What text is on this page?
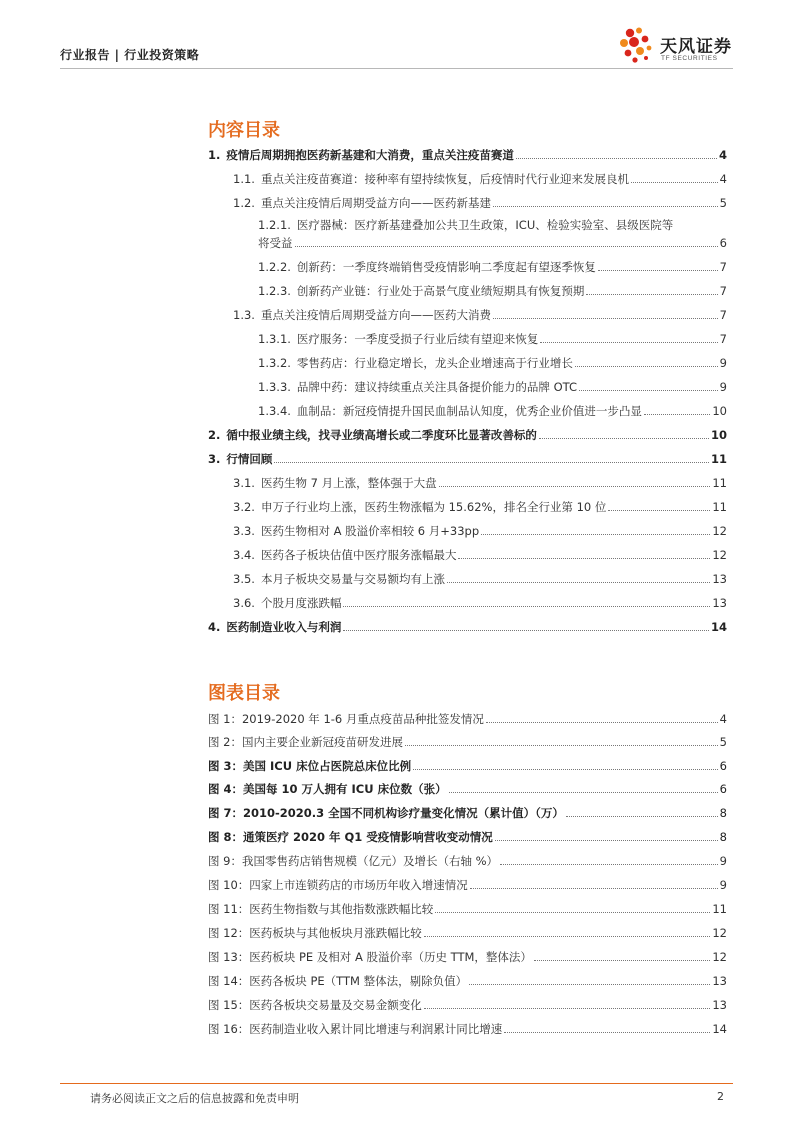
行业报告 | 行业投资策略	天风证券
TF SECURITIES
内容目录
1. 疫情后周期拥抱医药新基建和大消费，重点关注疫苗赛道	4
1.1. 重点关注疫苗赛道：接种率有望持续恢复，后疫情时代行业迎来发展良机	4
1.2. 重点关注疫情后周期受益方向——医药新基建	5
1.2.1. 医疗器械：医疗新基建叠加公共卫生政策，ICU、检验实验室、县级医院等
将受益	6
1.2.2. 创新药：一季度终端销售受疫情影响二季度起有望逐季恢复	7
1.2.3. 创新药产业链：行业处于高景气度业绩短期具有恢复预期	7
1.3. 重点关注疫情后周期受益方向——医药大消费	7
1.3.1. 医疗服务：一季度受损子行业后续有望迎来恢复	7
1.3.2. 零售药店：行业稳定增长，龙头企业增速高于行业增长	9
1.3.3. 品牌中药：建议持续重点关注具备提价能力的品牌 OTC	9
1.3.4. 血制品：新冠疫情提升国民血制品认知度，优秀企业价值进一步凸显	10
2. 循中报业绩主线，找寻业绩高增长或二季度环比显著改善标的	10
3. 行情回顾	11
3.1. 医药生物 7 月上涨，整体强于大盘	11
3.2. 申万子行业均上涨，医药生物涨幅为 15.62%，排名全行业第 10 位	11
3.3. 医药生物相对 A 股溢价率相较 6 月+33pp	12
3.4. 医药各子板块估值中医疗服务涨幅最大	12
3.5. 本月子板块交易量与交易额均有上涨	13
3.6. 个股月度涨跌幅	13
4. 医药制造业收入与利润	14
图表目录
图 1：2019-2020 年 1-6 月重点疫苗品种批签发情况	4
图 2：国内主要企业新冠疫苗研发进展	5
图 3：美国 ICU 床位占医院总床位比例	6
图 4：美国每 10 万人拥有 ICU 床位数（张）	6
图 7：2010-2020.3 全国不同机构诊疗量变化情况（累计值）（万）	8
图 8：通策医疗 2020 年 Q1 受疫情影响营收变动情况	8
图 9：我国零售药店销售规模（亿元）及增长（右轴 %）	9
图 10：四家上市连锁药店的市场历年收入增速情况	9
图 11：医药生物指数与其他指数涨跌幅比较	11
图 12：医药板块与其他板块月涨跌幅比较	12
图 13：医药板块 PE 及相对 A 股溢价率（历史 TTM，整体法）	12
图 14：医药各板块 PE（TTM 整体法，剔除负值）	13
图 15：医药各板块交易量及交易金额变化	13
图 16：医药制造业收入累计同比增速与利润累计同比增速	14
请务必阅读正文之后的信息披露和免责申明	2
